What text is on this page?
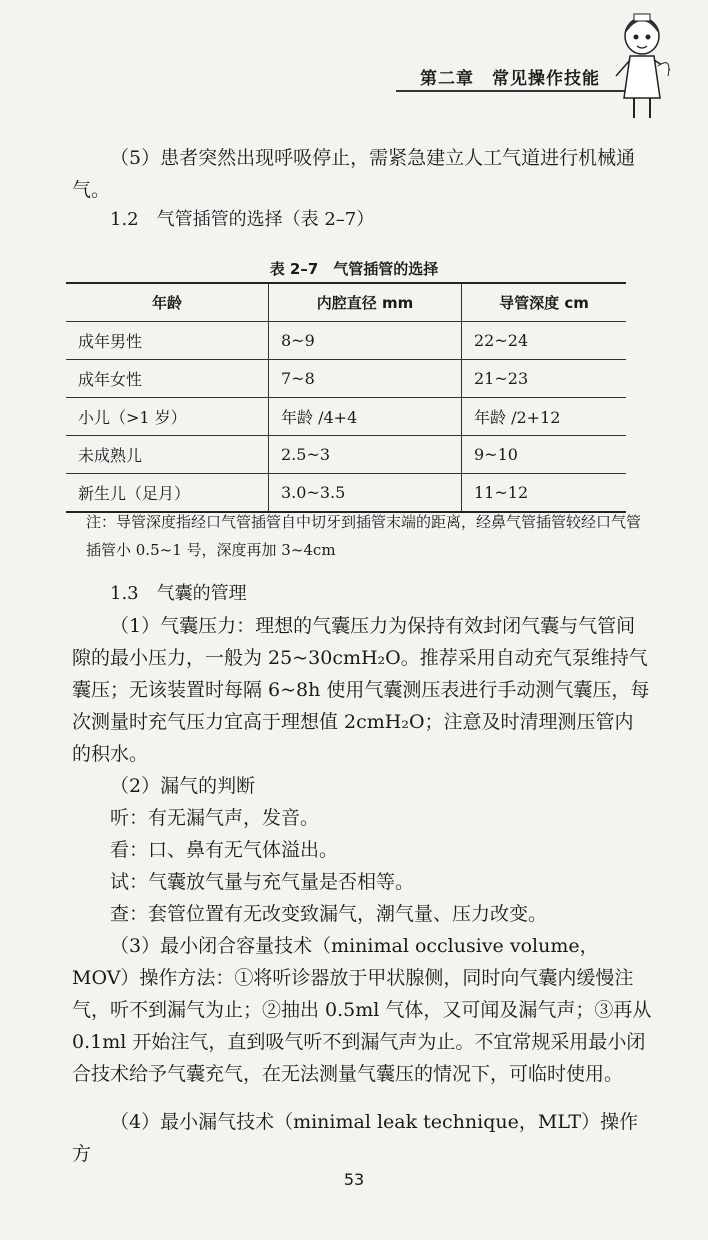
第二章　常见操作技能
（5）患者突然出现呼吸停止，需紧急建立人工气道进行机械通气。
1.2　气管插管的选择（表 2–7）
表 2–7　气管插管的选择
年龄	内腔直径 mm	导管深度 cm
成年男性	8~9	22~24
成年女性	7~8	21~23
小儿（>1 岁）	年龄 /4+4	年龄 /2+12
未成熟儿	2.5~3	9~10
新生儿（足月）	3.0~3.5	11~12
注：导管深度指经口气管插管自中切牙到插管末端的距离，经鼻气管插管较经口气管插管小 0.5~1 号，深度再加 3~4cm
1.3　气囊的管理
（1）气囊压力：理想的气囊压力为保持有效封闭气囊与气管间隙的最小压力，一般为 25~30cmH₂O。推荐采用自动充气泵维持气囊压；无该装置时每隔 6~8h 使用气囊测压表进行手动测气囊压，每次测量时充气压力宜高于理想值 2cmH₂O；注意及时清理测压管内的积水。
（2）漏气的判断
听：有无漏气声，发音。
看：口、鼻有无气体溢出。
试：气囊放气量与充气量是否相等。
查：套管位置有无改变致漏气，潮气量、压力改变。
（3）最小闭合容量技术（minimal occlusive volume，MOV）操作方法：①将听诊器放于甲状腺侧，同时向气囊内缓慢注气，听不到漏气为止；②抽出 0.5ml 气体，又可闻及漏气声；③再从 0.1ml 开始注气，直到吸气听不到漏气声为止。不宜常规采用最小闭合技术给予气囊充气，在无法测量气囊压的情况下，可临时使用。
（4）最小漏气技术（minimal leak technique，MLT）操作方
53
